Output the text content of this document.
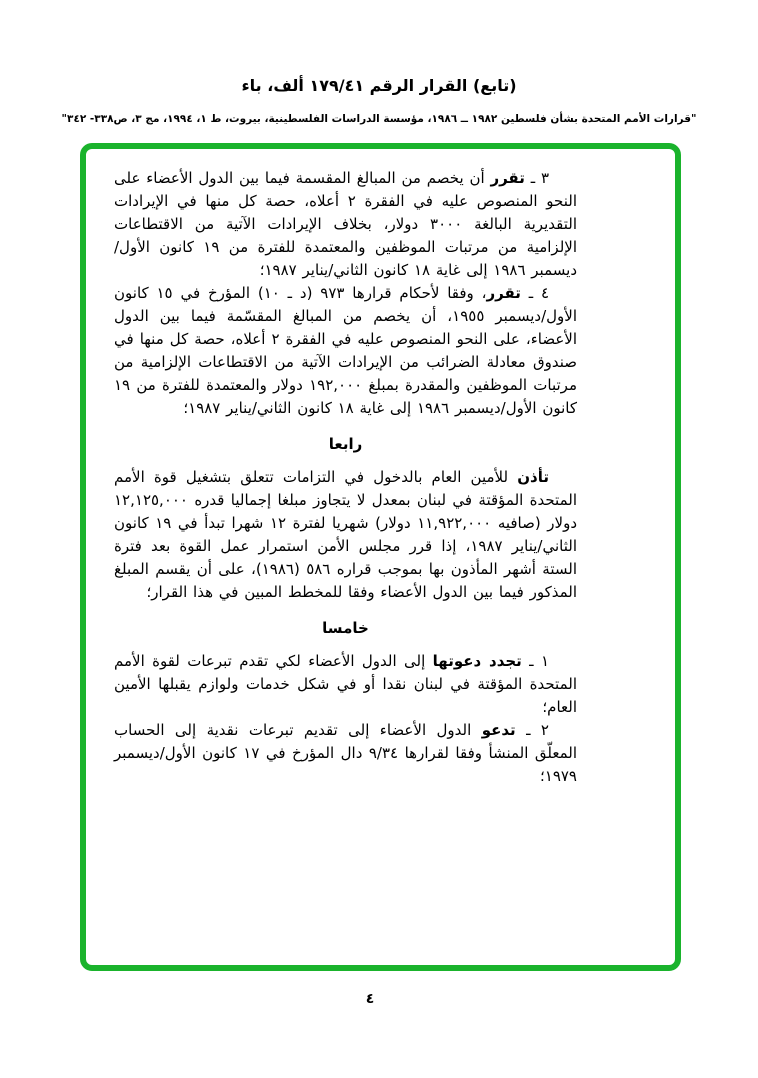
(تابع) القرار الرقم ١٧٩/٤١ ألف، باء
"قرارات الأمم المتحدة بشأن فلسطين ١٩٨٢ ــ ١٩٨٦، مؤسسة الدراسات الفلسطينية، بيروت، ط ١، ١٩٩٤، مج ٣، ص٣٣٨- ٣٤٢"

٣ ـ تقرر أن يخصم من المبالغ المقسمة فيما بين الدول الأعضاء على النحو المنصوص عليه في الفقرة ٢ أعلاه، حصة كل منها في الإيرادات التقديرية البالغة ٣٠٠٠ دولار، بخلاف الإيرادات الآتية من الاقتطاعات الإلزامية من مرتبات الموظفين والمعتمدة للفترة من ١٩ كانون الأول/ديسمبر ١٩٨٦ إلى غاية ١٨ كانون الثاني/يناير ١٩٨٧؛

٤ ـ تقرر، وفقا لأحكام قرارها ٩٧٣ (د ـ ١٠) المؤرخ في ١٥ كانون الأول/ديسمبر ١٩٥٥، أن يخصم من المبالغ المقسّمة فيما بين الدول الأعضاء، على النحو المنصوص عليه في الفقرة ٢ أعلاه، حصة كل منها في صندوق معادلة الضرائب من الإيرادات الآتية من الاقتطاعات الإلزامية من مرتبات الموظفين والمقدرة بمبلغ ١٩٢,٠٠٠ دولار والمعتمدة للفترة من ١٩ كانون الأول/ديسمبر ١٩٨٦ إلى غاية ١٨ كانون الثاني/يناير ١٩٨٧؛

رابعا

تأذن للأمين العام بالدخول في التزامات تتعلق بتشغيل قوة الأمم المتحدة المؤقتة في لبنان بمعدل لا يتجاوز مبلغا إجماليا قدره ١٢,١٢٥,٠٠٠ دولار (صافيه ١١,٩٢٢,٠٠٠ دولار) شهريا لفترة ١٢ شهرا تبدأ في ١٩ كانون الثاني/يناير ١٩٨٧، إذا قرر مجلس الأمن استمرار عمل القوة بعد فترة الستة أشهر المأذون بها بموجب قراره ٥٨٦ (١٩٨٦)، على أن يقسم المبلغ المذكور فيما بين الدول الأعضاء وفقا للمخطط المبين في هذا القرار؛

خامسا

١ ـ تجدد دعوتها إلى الدول الأعضاء لكي تقدم تبرعات لقوة الأمم المتحدة المؤقتة في لبنان نقدا أو في شكل خدمات ولوازم يقبلها الأمين العام؛

٢ ـ تدعو الدول الأعضاء إلى تقديم تبرعات نقدية إلى الحساب المعلّق المنشأ وفقا لقرارها ٩/٣٤ دال المؤرخ في ١٧ كانون الأول/ديسمبر ١٩٧٩؛

٤
